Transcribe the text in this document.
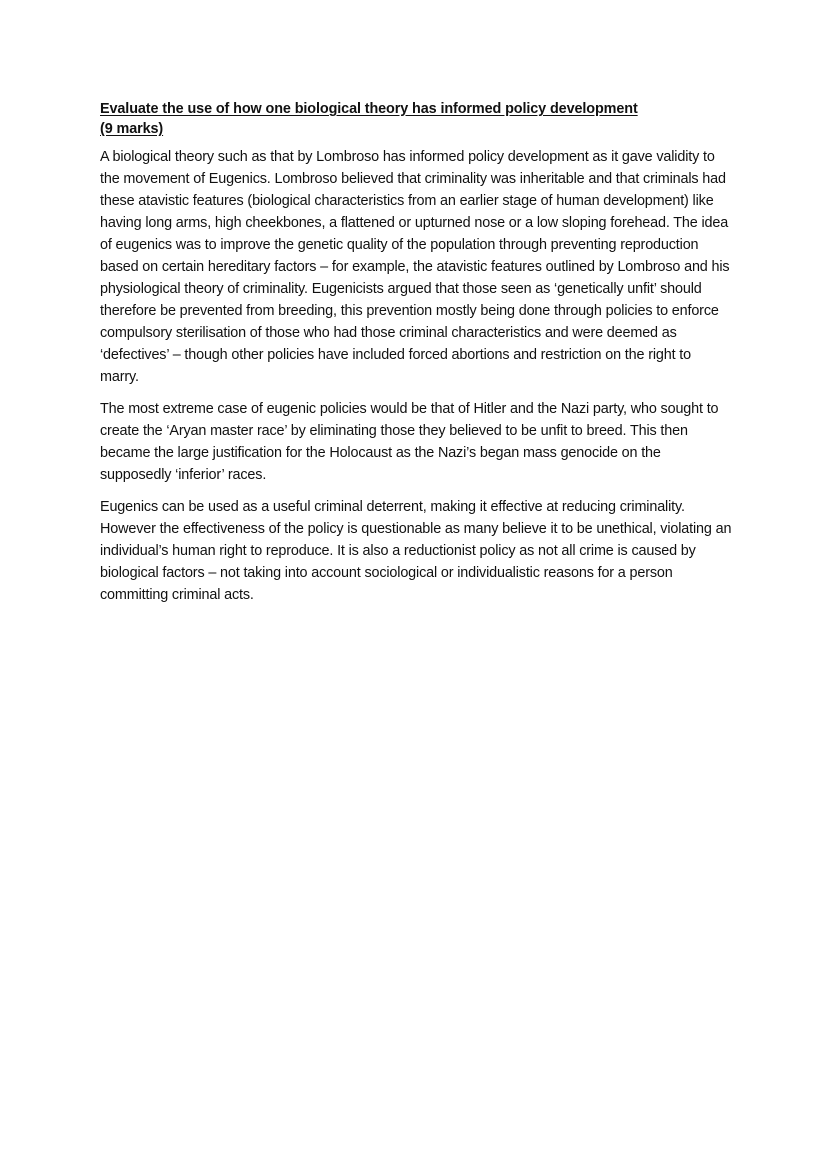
Evaluate the use of how one biological theory has informed policy development
(9 marks)

A biological theory such as that by Lombroso has informed policy development as it gave validity to the movement of Eugenics. Lombroso believed that criminality was inheritable and that criminals had these atavistic features (biological characteristics from an earlier stage of human development) like having long arms, high cheekbones, a flattened or upturned nose or a low sloping forehead. The idea of eugenics was to improve the genetic quality of the population through preventing reproduction based on certain hereditary factors – for example, the atavistic features outlined by Lombroso and his physiological theory of criminality. Eugenicists argued that those seen as ‘genetically unfit’ should therefore be prevented from breeding, this prevention mostly being done through policies to enforce compulsory sterilisation of those who had those criminal characteristics and were deemed as ‘defectives’ – though other policies have included forced abortions and restriction on the right to marry.

The most extreme case of eugenic policies would be that of Hitler and the Nazi party, who sought to create the ‘Aryan master race’ by eliminating those they believed to be unfit to breed. This then became the large justification for the Holocaust as the Nazi’s began mass genocide on the supposedly ‘inferior’ races.

Eugenics can be used as a useful criminal deterrent, making it effective at reducing criminality. However the effectiveness of the policy is questionable as many believe it to be unethical, violating an individual’s human right to reproduce. It is also a reductionist policy as not all crime is caused by biological factors – not taking into account sociological or individualistic reasons for a person committing criminal acts.
